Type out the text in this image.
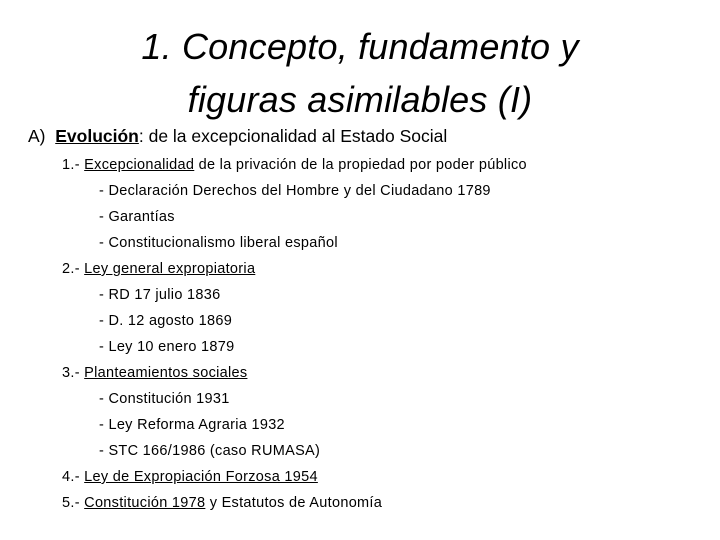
1. Concepto, fundamento y
figuras asimilables (I)
A) Evolución: de la excepcionalidad al Estado Social
1.- Excepcionalidad de la privación de la propiedad por poder público
- Declaración Derechos del Hombre y del Ciudadano 1789
- Garantías
- Constitucionalismo liberal español
2.- Ley general expropiatoria
- RD 17 julio 1836
- D. 12 agosto 1869
- Ley 10 enero 1879
3.- Planteamientos sociales
- Constitución 1931
- Ley Reforma Agraria 1932
- STC 166/1986 (caso RUMASA)
4.- Ley de Expropiación Forzosa 1954
5.- Constitución 1978 y Estatutos de Autonomía
